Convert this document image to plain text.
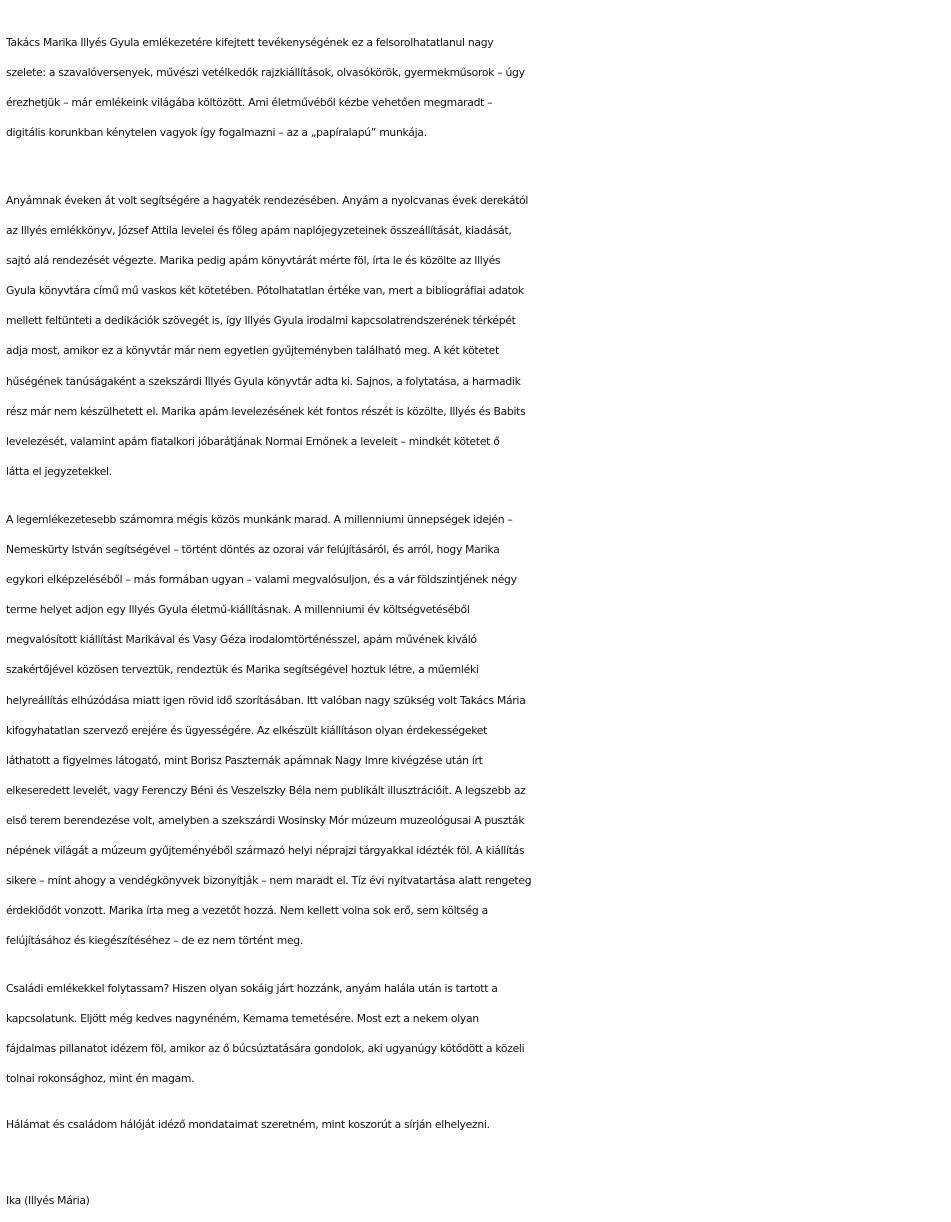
Takács Marika Illyés Gyula emlékezetére kifejtett tevékenységének ez a felsorolhatatlanul nagy
szelete: a szavalóversenyek, művészi vetélkedők rajzkiállítások, olvasókörök, gyermekműsorok – úgy
érezhetjük – már emlékeink világába költözött. Ami életművéből kézbe vehetően megmaradt –
digitális korunkban kénytelen vagyok így fogalmazni – az a „papíralapú” munkája.

Anyámnak éveken át volt segítségére a hagyaték rendezésében. Anyám a nyolcvanas évek derekától
az Illyés emlékkönyv, József Attila levelei és főleg apám naplójegyzeteinek összeállítását, kiadását,
sajtó alá rendezését végezte. Marika pedig apám könyvtárát mérte föl, írta le és közölte az Illyés
Gyula könyvtára című mű vaskos két kötetében. Pótolhatatlan értéke van, mert a bibliográfiai adatok
mellett feltünteti a dedikációk szövegét is, így Illyés Gyula irodalmi kapcsolatrendszerének térképét
adja most, amikor ez a könyvtár már nem egyetlen gyűjteményben található meg. A két kötetet
hűségének tanúságaként a szekszárdi Illyés Gyula könyvtár adta ki. Sajnos, a folytatása, a harmadik
rész már nem készülhetett el. Marika apám levelezésének két fontos részét is közölte, Illyés és Babits
levelezését, valamint apám fiatalkori jóbarátjának Normai Ernőnek a leveleit – mindkét kötetet ő
látta el jegyzetekkel.

A legemlékezetesebb számomra mégis közös munkánk marad. A millenniumi ünnepségek idején –
Nemeskürty István segítségével – történt döntés az ozorai vár felújításáról, és arról, hogy Marika
egykori elképzeléséből – más formában ugyan – valami megvalósuljon, és a vár földszintjének négy
terme helyet adjon egy Illyés Gyula életmű-kiállításnak. A millenniumi év költségvetéséből
megvalósított kiállítást Marikával és Vasy Géza irodalomtörténésszel, apám művének kiváló
szakértőjével közösen terveztük, rendeztük és Marika segítségével hoztuk létre, a műemléki
helyreállítás elhúzódása miatt igen rövid idő szorításában. Itt valóban nagy szükség volt Takács Mária
kifogyhatatlan szervező erejére és ügyességére. Az elkészült kiállításon olyan érdekességeket
láthatott a figyelmes látogató, mint Borisz Paszternák apámnak Nagy Imre kivégzése után írt
elkeseredett levelét, vagy Ferenczy Béni és Veszelszky Béla nem publikált illusztrációit. A legszebb az
első terem berendezése volt, amelyben a szekszárdi Wosinsky Mór múzeum muzeológusai A puszták
népének világát a múzeum gyűjteményéből származó helyi néprajzi tárgyakkal idézték föl. A kiállítás
sikere – mint ahogy a vendégkönyvek bizonyítják – nem maradt el. Tíz évi nyitvatartása alatt rengeteg
érdeklődőt vonzott. Marika írta meg a vezetőt hozzá. Nem kellett volna sok erő, sem költség a
felújításához és kiegészítéséhez – de ez nem történt meg.

Családi emlékekkel folytassam? Hiszen olyan sokáig járt hozzánk, anyám halála után is tartott a
kapcsolatunk. Eljött még kedves nagynéném, Kemama temetésére. Most ezt a nekem olyan
fájdalmas pillanatot idézem föl, amikor az ő búcsúztatására gondolok, aki ugyanúgy kötődött a közeli
tolnai rokonsághoz, mint én magam.

Hálámat és családom hálóját idéző mondataimat szeretném, mint koszorút a sírján elhelyezni.

Ika (Illyés Mária)
